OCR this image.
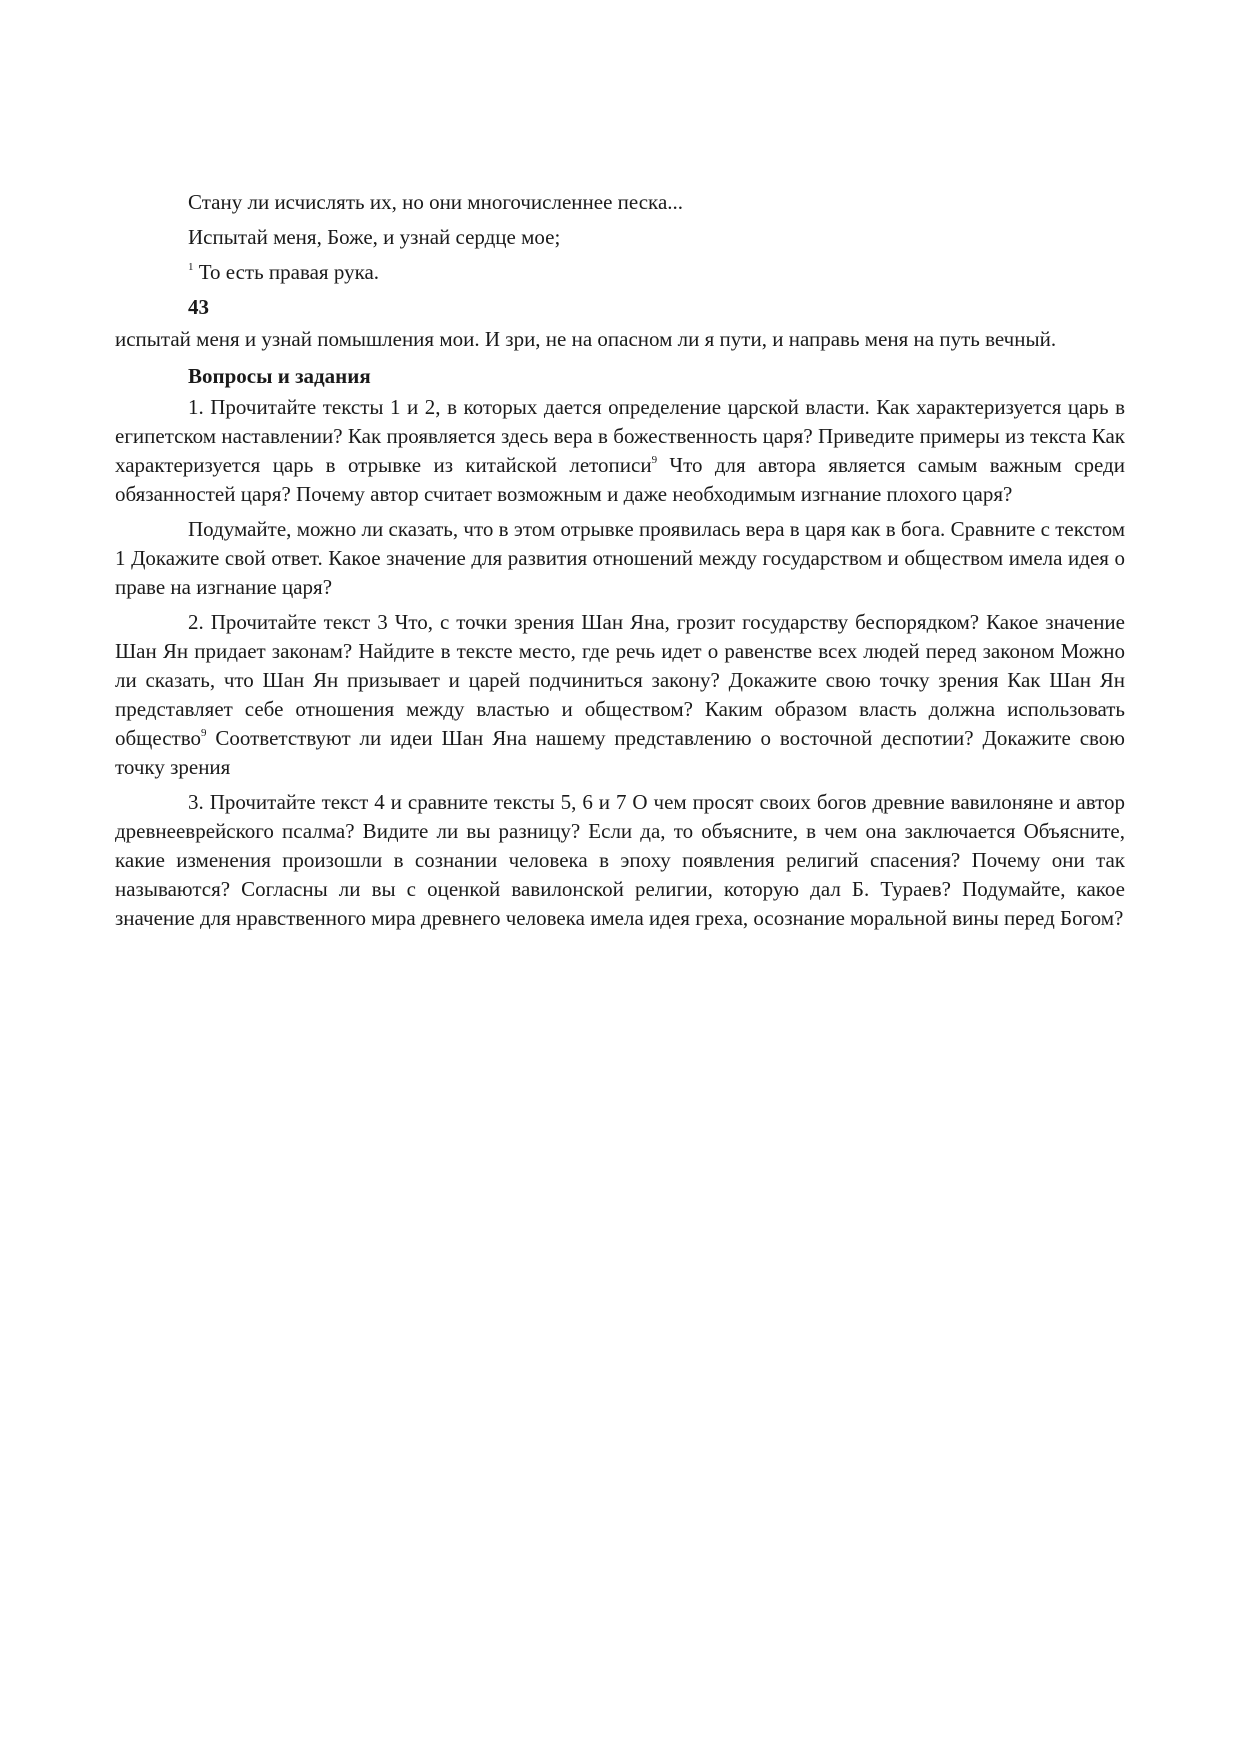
Стану ли исчислять их, но они многочисленнее песка...
Испытай меня, Боже, и узнай сердце мое;
$^1$ То есть правая рука.
43

испытай меня и узнай помышления мои. И зри, не на опасном ли я пути, и направь меня на путь вечный.

Вопросы и задания

1. Прочитайте тексты 1 и 2, в которых дается определение царской власти. Как характеризуется царь в египетском наставлении? Как проявляется здесь вера в божественность царя? Приведите примеры из текста Как характеризуется царь в отрывке из китайской летописи$^9$ Что для автора является самым важным среди обязанностей царя? Почему автор считает возможным и даже необходимым изгнание плохого царя?

Подумайте, можно ли сказать, что в этом отрывке проявилась вера в царя как в бога. Сравните с текстом 1 Докажите свой ответ. Какое значение для развития отношений между государством и обществом имела идея о праве на изгнание царя?

2. Прочитайте текст 3 Что, с точки зрения Шан Яна, грозит государству беспорядком? Какое значение Шан Ян придает законам? Найдите в тексте место, где речь идет о равенстве всех людей перед законом Можно ли сказать, что Шан Ян призывает и царей подчиниться закону? Докажите свою точку зрения Как Шан Ян представляет себе отношения между властью и обществом? Каким образом власть должна использовать общество$^9$ Соответствуют ли идеи Шан Яна нашему представлению о восточной деспотии? Докажите свою точку зрения

3. Прочитайте текст 4 и сравните тексты 5, 6 и 7 О чем просят своих богов древние вавилоняне и автор древнееврейского псалма? Видите ли вы разницу? Если да, то объясните, в чем она заключается Объясните, какие изменения произошли в сознании человека в эпоху появления религий спасения? Почему они так называются? Согласны ли вы с оценкой вавилонской религии, которую дал Б. Тураев? Подумайте, какое значение для нравственного мира древнего человека имела идея греха, осознание моральной вины перед Богом?
